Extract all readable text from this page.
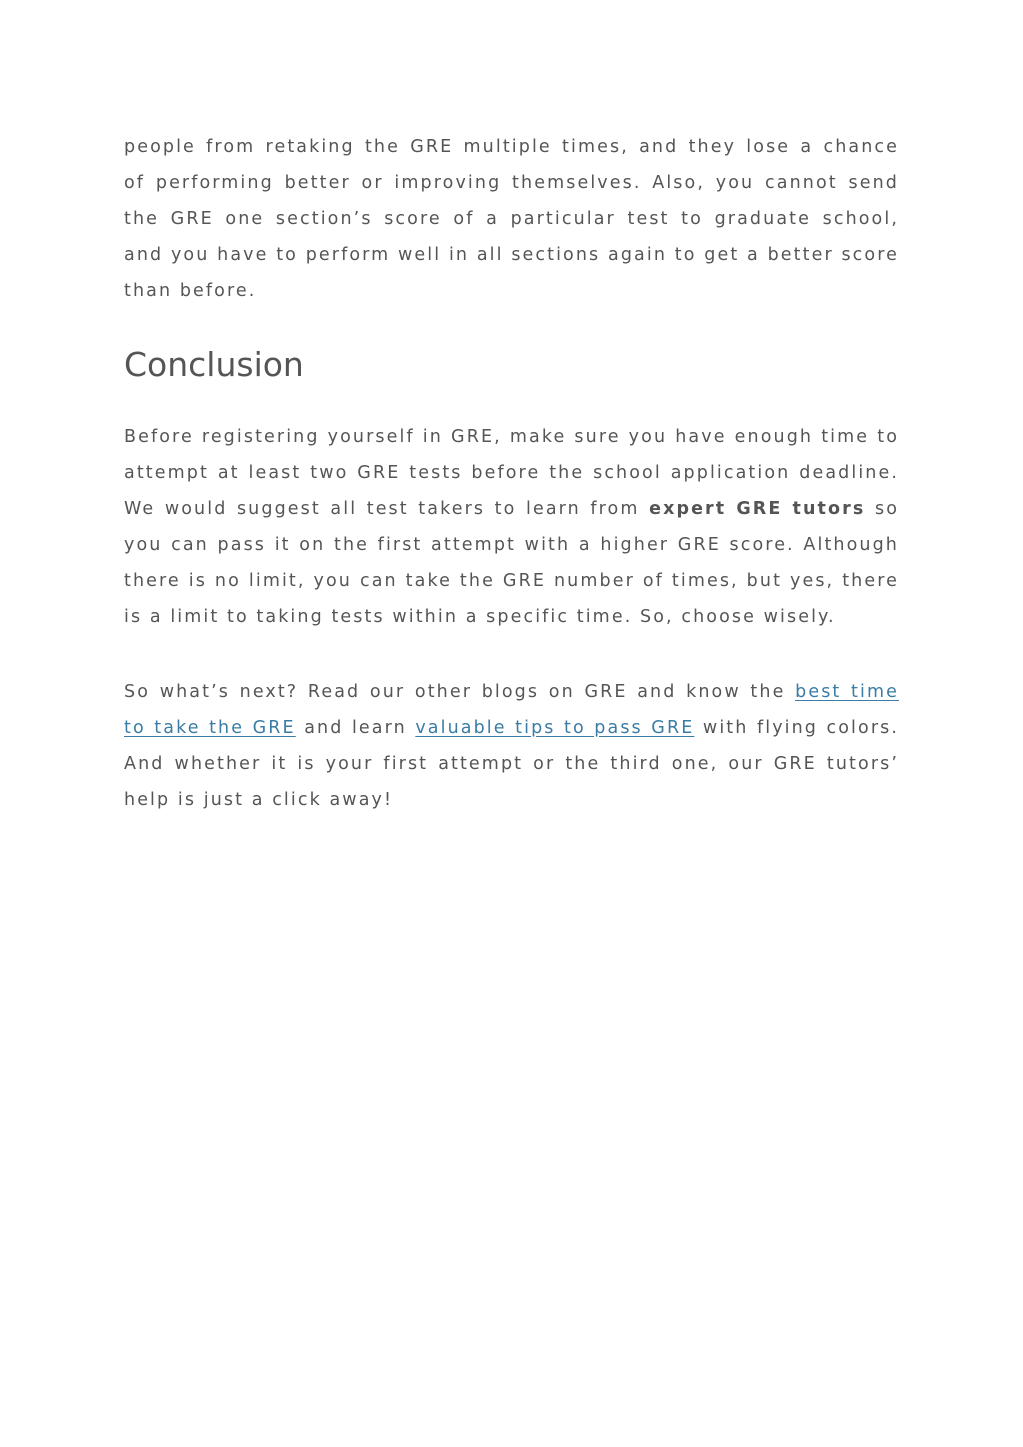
people from retaking the GRE multiple times, and they lose a chance of performing better or improving themselves. Also, you cannot send the GRE one section’s score of a particular test to graduate school, and you have to perform well in all sections again to get a better score than before.

Conclusion

Before registering yourself in GRE, make sure you have enough time to attempt at least two GRE tests before the school application deadline. We would suggest all test takers to learn from expert GRE tutors so you can pass it on the first attempt with a higher GRE score. Although there is no limit, you can take the GRE number of times, but yes, there is a limit to taking tests within a specific time. So, choose wisely.

So what’s next? Read our other blogs on GRE and know the best time to take the GRE and learn valuable tips to pass GRE with flying colors. And whether it is your first attempt or the third one, our GRE tutors’ help is just a click away!
